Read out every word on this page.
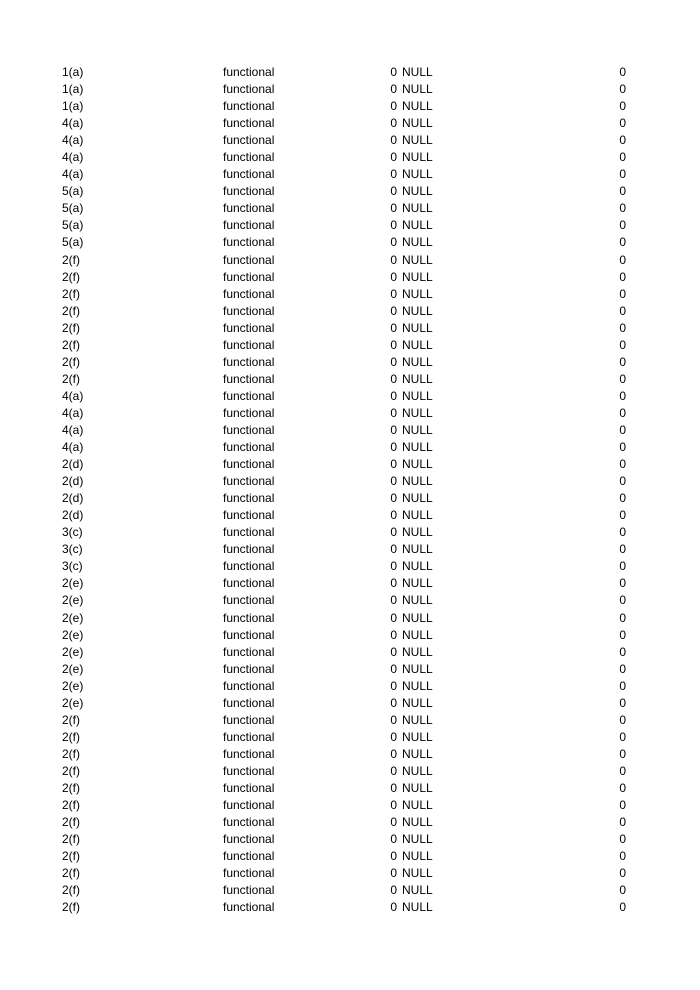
1(a)	functional	0 NULL	0
1(a)	functional	0 NULL	0
1(a)	functional	0 NULL	0
4(a)	functional	0 NULL	0
4(a)	functional	0 NULL	0
4(a)	functional	0 NULL	0
4(a)	functional	0 NULL	0
5(a)	functional	0 NULL	0
5(a)	functional	0 NULL	0
5(a)	functional	0 NULL	0
5(a)	functional	0 NULL	0
2(f)	functional	0 NULL	0
2(f)	functional	0 NULL	0
2(f)	functional	0 NULL	0
2(f)	functional	0 NULL	0
2(f)	functional	0 NULL	0
2(f)	functional	0 NULL	0
2(f)	functional	0 NULL	0
2(f)	functional	0 NULL	0
4(a)	functional	0 NULL	0
4(a)	functional	0 NULL	0
4(a)	functional	0 NULL	0
4(a)	functional	0 NULL	0
2(d)	functional	0 NULL	0
2(d)	functional	0 NULL	0
2(d)	functional	0 NULL	0
2(d)	functional	0 NULL	0
3(c)	functional	0 NULL	0
3(c)	functional	0 NULL	0
3(c)	functional	0 NULL	0
2(e)	functional	0 NULL	0
2(e)	functional	0 NULL	0
2(e)	functional	0 NULL	0
2(e)	functional	0 NULL	0
2(e)	functional	0 NULL	0
2(e)	functional	0 NULL	0
2(e)	functional	0 NULL	0
2(e)	functional	0 NULL	0
2(f)	functional	0 NULL	0
2(f)	functional	0 NULL	0
2(f)	functional	0 NULL	0
2(f)	functional	0 NULL	0
2(f)	functional	0 NULL	0
2(f)	functional	0 NULL	0
2(f)	functional	0 NULL	0
2(f)	functional	0 NULL	0
2(f)	functional	0 NULL	0
2(f)	functional	0 NULL	0
2(f)	functional	0 NULL	0
2(f)	functional	0 NULL	0
